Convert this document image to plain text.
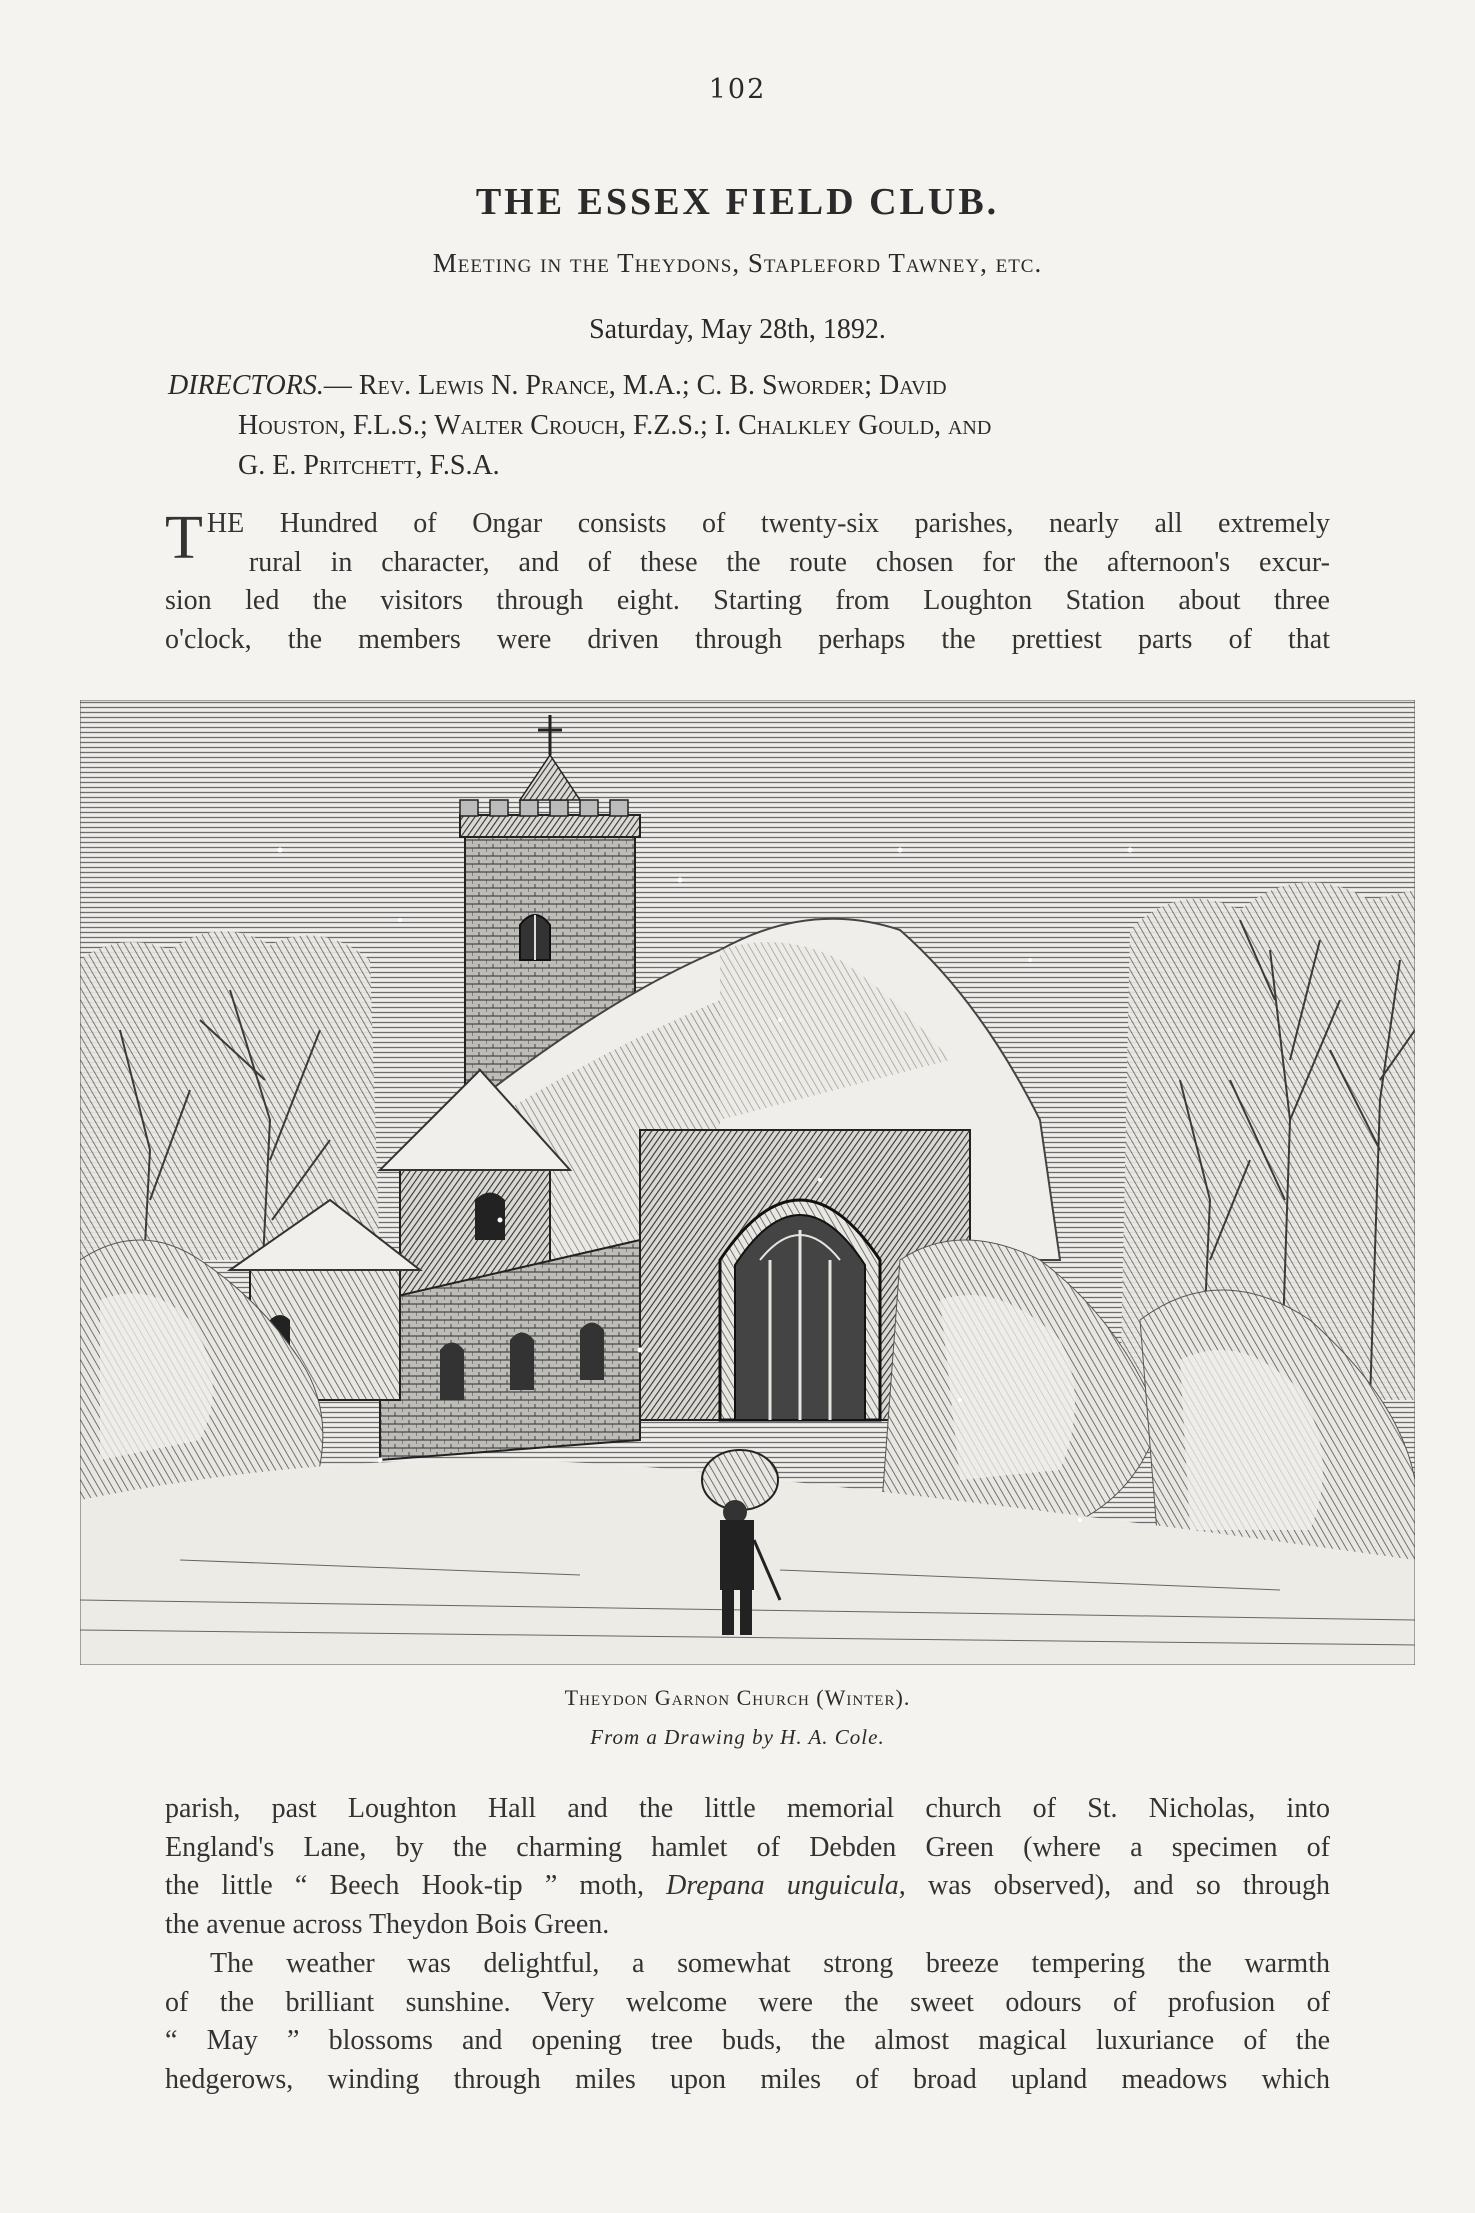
102
THE ESSEX FIELD CLUB.
Meeting in the Theydons, Stapleford Tawney, etc.
Saturday, May 28th, 1892.
DIRECTORS.— Rev. Lewis N. Prance, M.A.; C. B. Sworder; David
Houston, F.L.S.; Walter Crouch, F.Z.S.; I. Chalkley Gould, and
G. E. Pritchett, F.S.A.
T HE Hundred of Ongar consists of twenty-six parishes, nearly all extremely
rural in character, and of these the route chosen for the afternoon's excur-
sion led the visitors through eight. Starting from Loughton Station about three
o'clock, the members were driven through perhaps the prettiest parts of that
Theydon Garnon Church (Winter).
From a Drawing by H. A. Cole.
parish, past Loughton Hall and the little memorial church of St. Nicholas, into
England's Lane, by the charming hamlet of Debden Green (where a specimen of
the little “ Beech Hook-tip ” moth, Drepana unguicula, was observed), and so through
the avenue across Theydon Bois Green.
The weather was delightful, a somewhat strong breeze tempering the warmth
of the brilliant sunshine. Very welcome were the sweet odours of profusion of
“ May ” blossoms and opening tree buds, the almost magical luxuriance of the
hedgerows, winding through miles upon miles of broad upland meadows which
